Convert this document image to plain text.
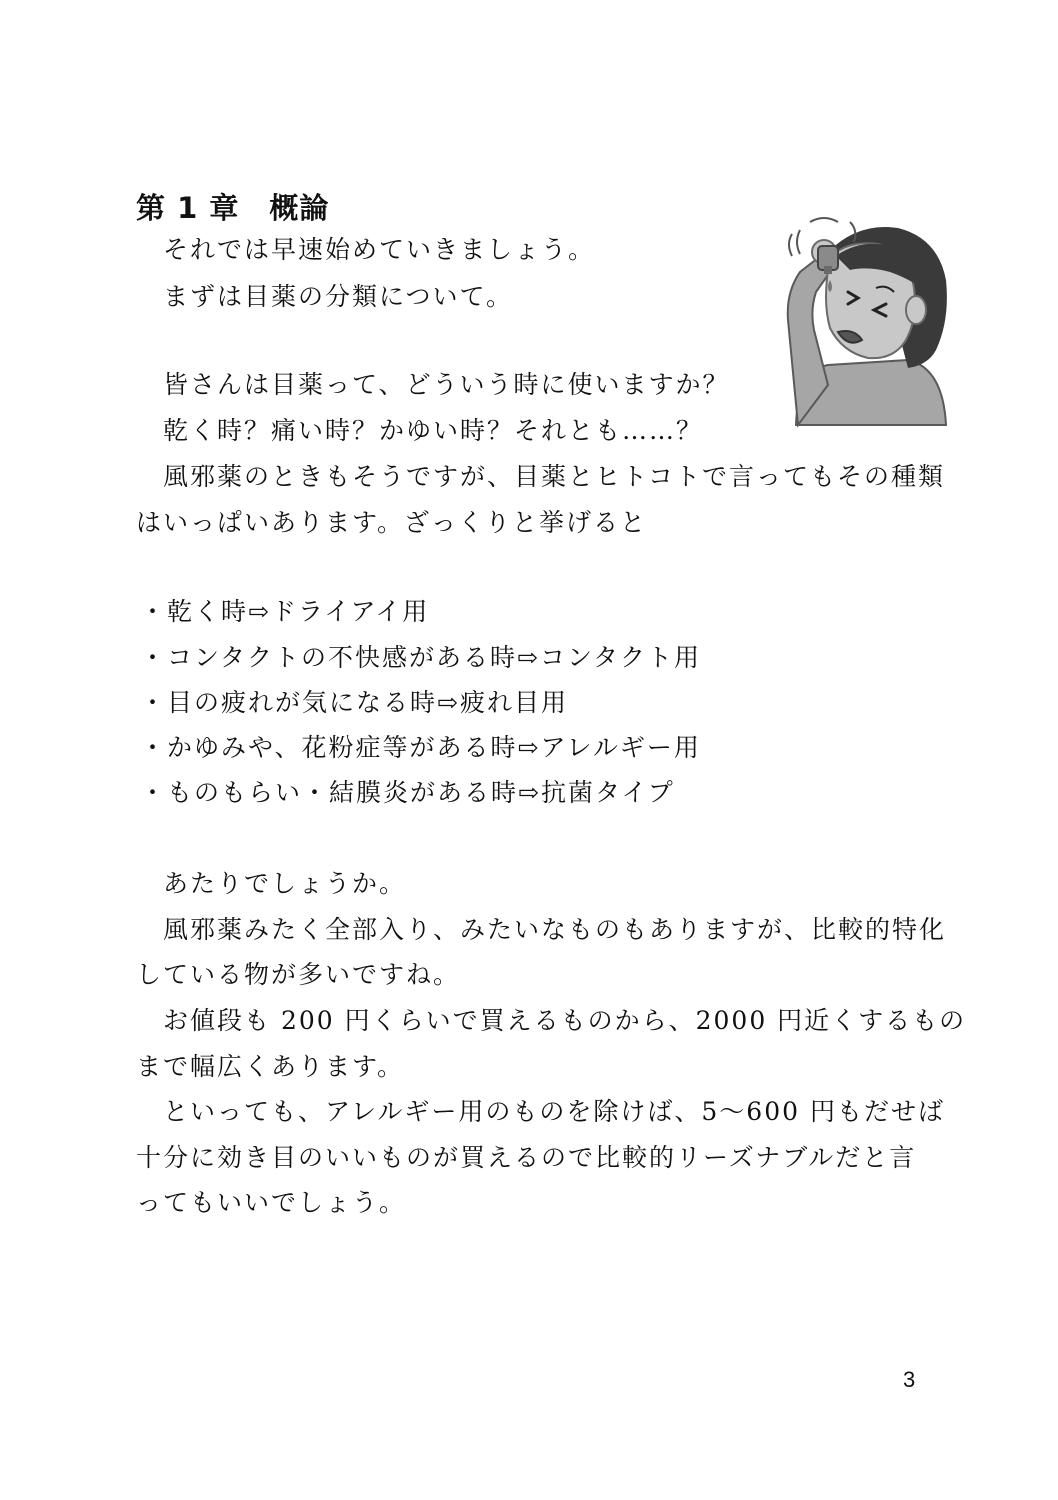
第 1 章　概論

それでは早速始めていきましょう。

まずは目薬の分類について。

皆さんは目薬って、どういう時に使いますか？

乾く時？痛い時？かゆい時？それとも……？

風邪薬のときもそうですが、目薬とヒトコトで言ってもその種類

はいっぱいあります。ざっくりと挙げると

・乾く時⇨ドライアイ用

・コンタクトの不快感がある時⇨コンタクト用

・目の疲れが気になる時⇨疲れ目用

・かゆみや、花粉症等がある時⇨アレルギー用

・ものもらい・結膜炎がある時⇨抗菌タイプ

あたりでしょうか。

風邪薬みたく全部入り、みたいなものもありますが、比較的特化

している物が多いですね。

お値段も 200 円くらいで買えるものから、2000 円近くするもの

まで幅広くあります。

といっても、アレルギー用のものを除けば、5～600 円もだせば

十分に効き目のいいものが買えるので比較的リーズナブルだと言

ってもいいでしょう。

3
